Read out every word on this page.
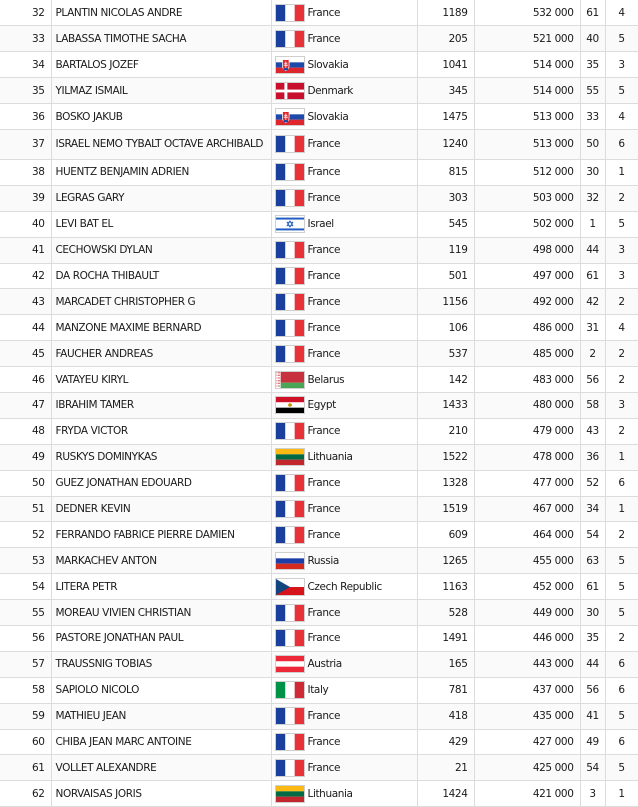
32	PLANTIN NICOLAS ANDRE	France	1189	532 000	61	4
33	LABASSA TIMOTHE SACHA	France	205	521 000	40	5
34	BARTALOS JOZEF	Slovakia	1041	514 000	35	3
35	YILMAZ ISMAIL	Denmark	345	514 000	55	5
36	BOSKO JAKUB	Slovakia	1475	513 000	33	4
37	ISRAEL NEMO TYBALT OCTAVE ARCHIBALD	France	1240	513 000	50	6
38	HUENTZ BENJAMIN ADRIEN	France	815	512 000	30	1
39	LEGRAS GARY	France	303	503 000	32	2
40	LEVI BAT EL	Israel	545	502 000	1	5
41	CECHOWSKI DYLAN	France	119	498 000	44	3
42	DA ROCHA THIBAULT	France	501	497 000	61	3
43	MARCADET CHRISTOPHER G	France	1156	492 000	42	2
44	MANZONE MAXIME BERNARD	France	106	486 000	31	4
45	FAUCHER ANDREAS	France	537	485 000	2	2
46	VATAYEU KIRYL	Belarus	142	483 000	56	2
47	IBRAHIM TAMER	Egypt	1433	480 000	58	3
48	FRYDA VICTOR	France	210	479 000	43	2
49	RUSKYS DOMINYKAS	Lithuania	1522	478 000	36	1
50	GUEZ JONATHAN EDOUARD	France	1328	477 000	52	6
51	DEDNER KEVIN	France	1519	467 000	34	1
52	FERRANDO FABRICE PIERRE DAMIEN	France	609	464 000	54	2
53	MARKACHEV ANTON	Russia	1265	455 000	63	5
54	LITERA PETR	Czech Republic	1163	452 000	61	5
55	MOREAU VIVIEN CHRISTIAN	France	528	449 000	30	5
56	PASTORE JONATHAN PAUL	France	1491	446 000	35	2
57	TRAUSSNIG TOBIAS	Austria	165	443 000	44	6
58	SAPIOLO NICOLO	Italy	781	437 000	56	6
59	MATHIEU JEAN	France	418	435 000	41	5
60	CHIBA JEAN MARC ANTOINE	France	429	427 000	49	6
61	VOLLET ALEXANDRE	France	21	425 000	54	5
62	NORVAISAS JORIS	Lithuania	1424	421 000	3	1
